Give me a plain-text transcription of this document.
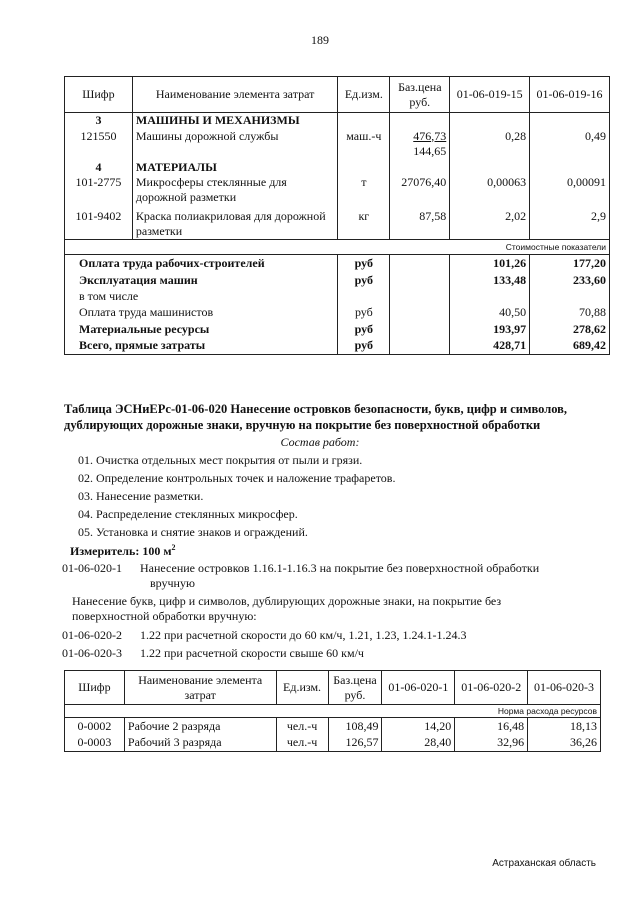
189
Шифр	Наименование элемента затрат	Ед.изм.	Баз.цена руб.	01-06-019-15	01-06-019-16
3	МАШИНЫ И МЕХАНИЗМЫ				
121550	Машины дорожной службы	маш.-ч	476,73	0,28	0,49
			144,65		
4	МАТЕРИАЛЫ				
101-2775	Микросферы стеклянные для дорожной разметки	т	27076,40	0,00063	0,00091
101-9402	Краска полиакриловая для дорожной разметки	кг	87,58	2,02	2,9
Стоимостные показатели					
Оплата труда рабочих-строителей		руб		101,26	177,20
Эксплуатация машин		руб		133,48	233,60
в том числе					
Оплата труда машинистов		руб		40,50	70,88
Материальные ресурсы		руб		193,97	278,62
Всего, прямые затраты		руб		428,71	689,42
Таблица ЭСНиЕРс-01-06-020 Нанесение островков безопасности, букв, цифр и символов,
дублирующих дорожные знаки, вручную на покрытие без поверхностной обработки
Состав работ:
01. Очистка отдельных мест покрытия от пыли и грязи.
02. Определение контрольных точек и наложение трафаретов.
03. Нанесение разметки.
04. Распределение стеклянных микросфер.
05. Установка и снятие знаков и ограждений.
Измеритель: 100 $м^2$
01-06-020-1 Нанесение островков 1.16.1-1.16.3 на покрытие без поверхностной обработки
вручную
Нанесение букв, цифр и символов, дублирующих дорожные знаки, на покрытие без
поверхностной обработки вручную:
01-06-020-2 1.22 при расчетной скорости до 60 км/ч, 1.21, 1.23, 1.24.1-1.24.3
01-06-020-3 1.22 при расчетной скорости свыше 60 км/ч
Шифр	Наименование элемента затрат	Ед.изм.	Баз.цена руб.	01-06-020-1	01-06-020-2	01-06-020-3
Норма расхода ресурсов						
0-0002	Рабочие 2 разряда	чел.-ч	108,49	14,20	16,48	18,13
0-0003	Рабочий 3 разряда	чел.-ч	126,57	28,40	32,96	36,26
Астраханская область
